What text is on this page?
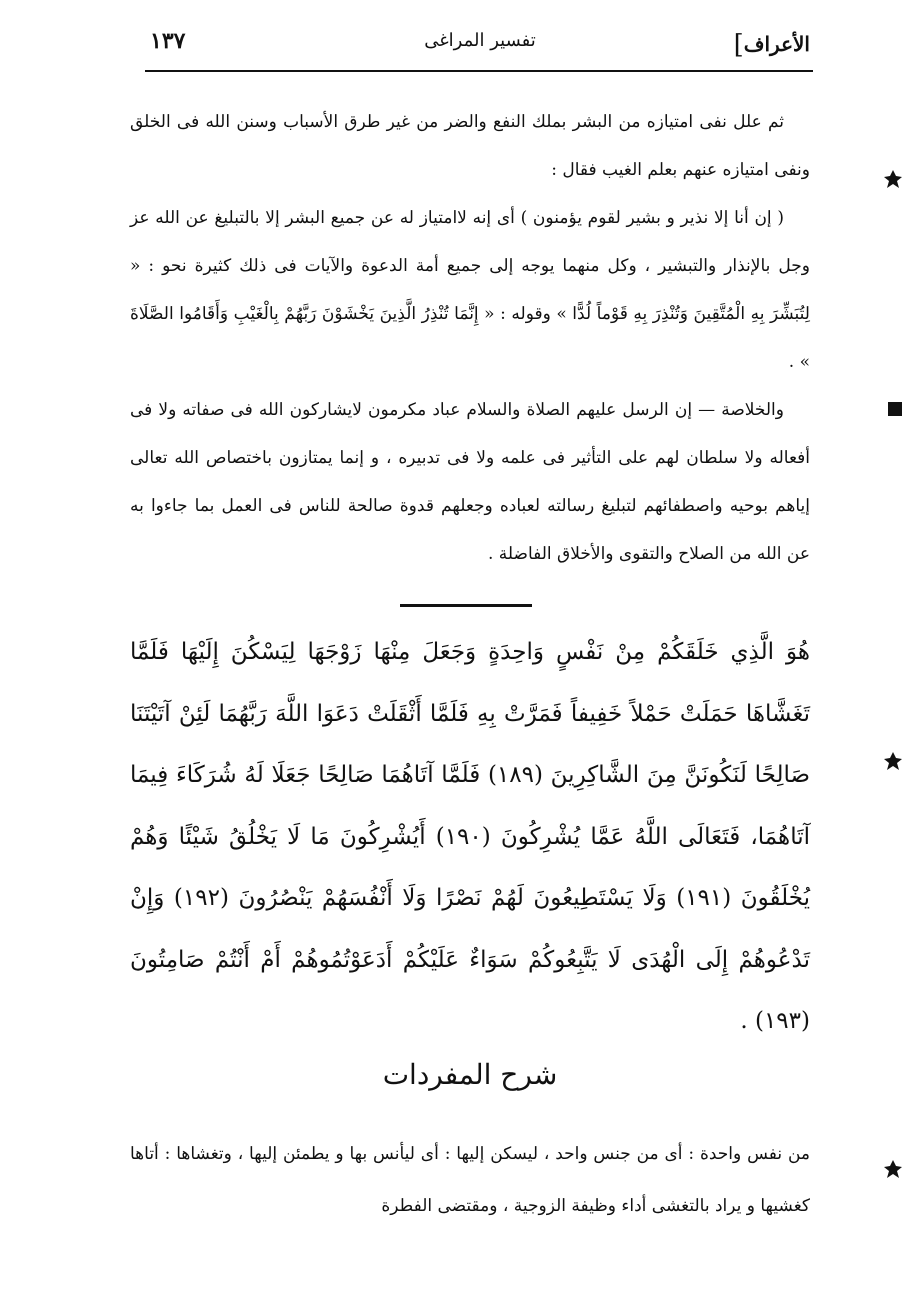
الأعراف]
تفسير المراغى
١٣٧

ثم علل نفى امتيازه من البشر بملك النفع والضر من غير طرق الأسباب وسنن الله فى الخلق ونفى امتيازه عنهم بعلم الغيب فقال :

( إن أنا إلا نذير و بشير لقوم يؤمنون ) أى إنه لاامتياز له عن جميع البشر إلا بالتبليغ عن الله عز وجل بالإنذار والتبشير ، وكل منهما يوجه إلى جميع أمة الدعوة والآيات فى ذلك كثيرة نحو : « لِتُبَشِّرَ بِهِ الْمُتَّقِينَ وَتُنْذِرَ بِهِ قَوْماً لُدًّا » وقوله : « إِنَّمَا تُنْذِرُ الَّذِينَ يَخْشَوْنَ رَبَّهُمْ بِالْغَيْبِ وَأَقَامُوا الصَّلَاةَ » .

والخلاصة — إن الرسل عليهم الصلاة والسلام عباد مكرمون لايشاركون الله فى صفاته ولا فى أفعاله ولا سلطان لهم على التأثير فى علمه ولا فى تدبيره ، و إنما يمتازون باختصاص الله تعالى إياهم بوحيه واصطفائهم لتبليغ رسالته لعباده وجعلهم قدوة صالحة للناس فى العمل بما جاءوا به عن الله من الصلاح والتقوى والأخلاق الفاضلة .

هُوَ الَّذِي خَلَقَكُمْ مِنْ نَفْسٍ وَاحِدَةٍ وَجَعَلَ مِنْهَا زَوْجَهَا لِيَسْكُنَ إِلَيْهَا فَلَمَّا تَغَشَّاهَا حَمَلَتْ حَمْلاً خَفِيفاً فَمَرَّتْ بِهِ فَلَمَّا أَثْقَلَتْ دَعَوَا اللَّهَ رَبَّهُمَا لَئِنْ آتَيْتَنَا صَالِحًا لَنَكُونَنَّ مِنَ الشَّاكِرِينَ (١٨٩) فَلَمَّا آتَاهُمَا صَالِحًا جَعَلَا لَهُ شُرَكَاءَ فِيمَا آتَاهُمَا، فَتَعَالَى اللَّهُ عَمَّا يُشْرِكُونَ (١٩٠) أَيُشْرِكُونَ مَا لَا يَخْلُقُ شَيْئًا وَهُمْ يُخْلَقُونَ (١٩١) وَلَا يَسْتَطِيعُونَ لَهُمْ نَصْرًا وَلَا أَنْفُسَهُمْ يَنْصُرُونَ (١٩٢) وَإِنْ تَدْعُوهُمْ إِلَى الْهُدَى لَا يَتَّبِعُوكُمْ سَوَاءٌ عَلَيْكُمْ أَدَعَوْتُمُوهُمْ أَمْ أَنْتُمْ صَامِتُونَ (١٩٣) .

شرح المفردات

من نفس واحدة : أى من جنس واحد ، ليسكن إليها : أى ليأنس بها و يطمئن إليها ، وتغشاها : أتاها كغشيها و يراد بالتغشى أداء وظيفة الزوجية ، ومقتضى الفطرة
